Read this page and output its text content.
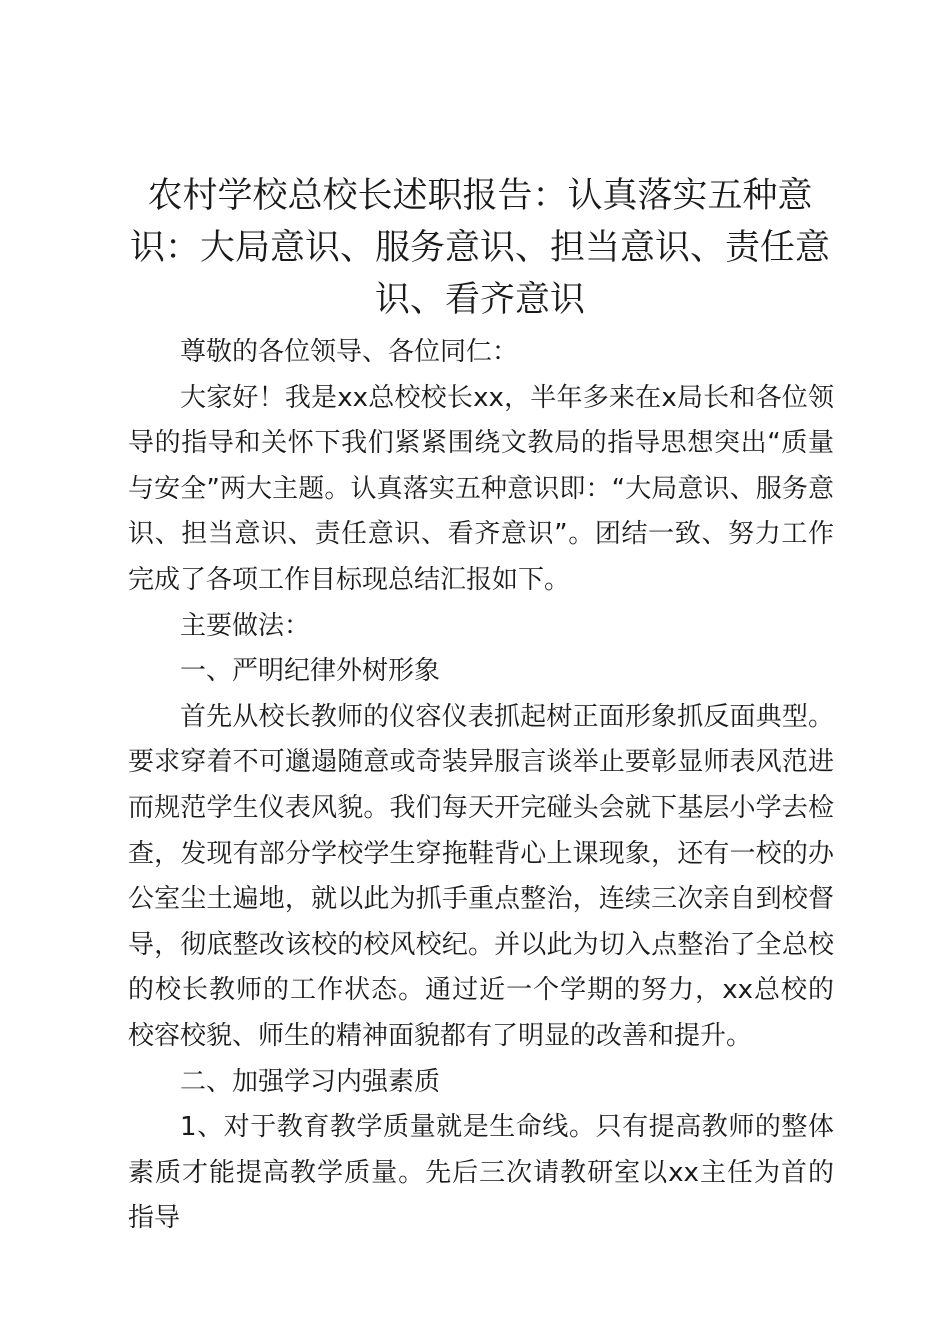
农村学校总校长述职报告：认真落实五种意识：大局意识、服务意识、担当意识、责任意识、看齐意识

尊敬的各位领导、各位同仁：

大家好！我是xx总校校长xx，半年多来在x局长和各位领导的指导和关怀下我们紧紧围绕文教局的指导思想突出“质量与安全”两大主题。认真落实五种意识即：“大局意识、服务意识、担当意识、责任意识、看齐意识”。团结一致、努力工作完成了各项工作目标现总结汇报如下。

主要做法：

一、严明纪律外树形象

首先从校长教师的仪容仪表抓起树正面形象抓反面典型。要求穿着不可邋遢随意或奇装异服言谈举止要彰显师表风范进而规范学生仪表风貌。我们每天开完碰头会就下基层小学去检查，发现有部分学校学生穿拖鞋背心上课现象，还有一校的办公室尘土遍地，就以此为抓手重点整治，连续三次亲自到校督导，彻底整改该校的校风校纪。并以此为切入点整治了全总校的校长教师的工作状态。通过近一个学期的努力，xx总校的校容校貌、师生的精神面貌都有了明显的改善和提升。

二、加强学习内强素质

1、对于教育教学质量就是生命线。只有提高教师的整体素质才能提高教学质量。先后三次请教研室以xx主任为首的指导
